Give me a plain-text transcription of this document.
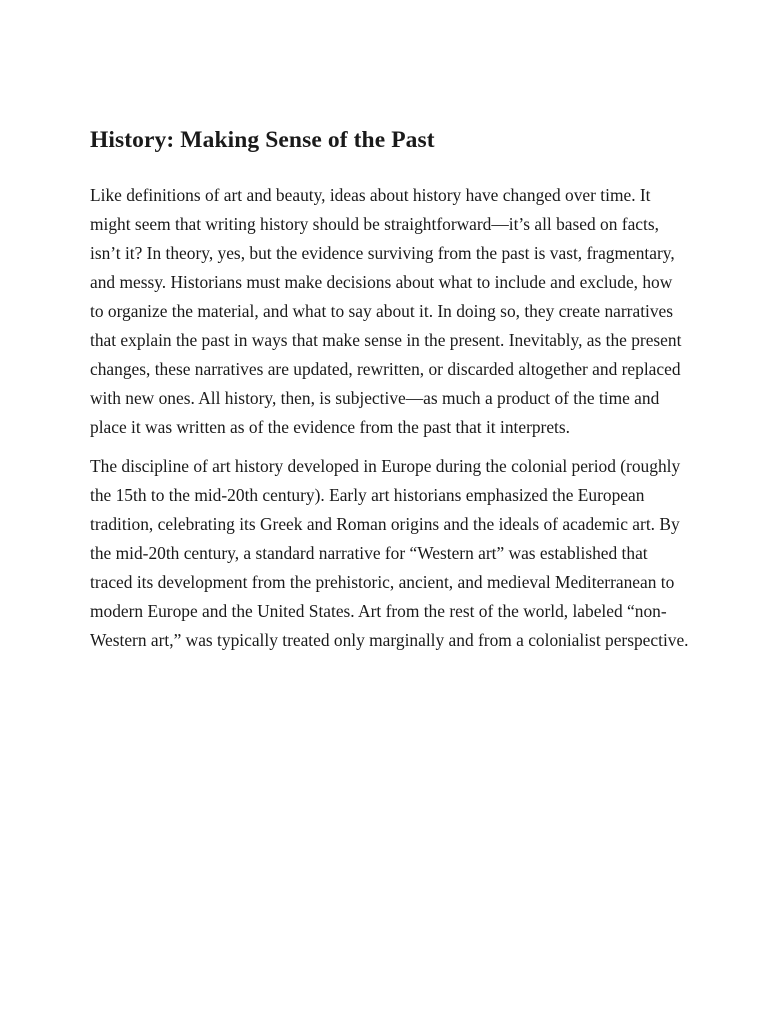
History: Making Sense of the Past

Like definitions of art and beauty, ideas about history have changed over time. It might seem that writing history should be straightforward—it’s all based on facts, isn’t it? In theory, yes, but the evidence surviving from the past is vast, fragmentary, and messy. Historians must make decisions about what to include and exclude, how to organize the material, and what to say about it. In doing so, they create narratives that explain the past in ways that make sense in the present. Inevitably, as the present changes, these narratives are updated, rewritten, or discarded altogether and replaced with new ones. All history, then, is subjective—as much a product of the time and place it was written as of the evidence from the past that it interprets.

The discipline of art history developed in Europe during the colonial period (roughly the 15th to the mid-20th century). Early art historians emphasized the European tradition, celebrating its Greek and Roman origins and the ideals of academic art. By the mid-20th century, a standard narrative for “Western art” was established that traced its development from the prehistoric, ancient, and medieval Mediterranean to modern Europe and the United States. Art from the rest of the world, labeled “non-Western art,” was typically treated only marginally and from a colonialist perspective.
